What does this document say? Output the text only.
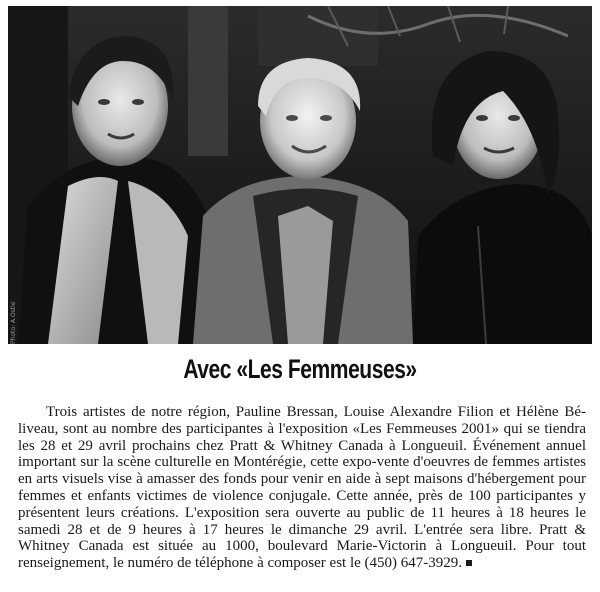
Photo: A.Ostie
Avec «Les Femmeuses»

Trois artistes de notre région, Pauline Bressan, Louise Alexandre Filion et Hélène Béliveau, sont au nombre des participantes à l'exposition «Les Femmeuses 2001» qui se tiendra les 28 et 29 avril prochains chez Pratt & Whitney Canada à Longueuil. Événement annuel important sur la scène culturelle en Montérégie, cette expo-vente d'oeuvres de femmes artistes en arts visuels vise à amasser des fonds pour venir en aide à sept maisons d'hébergement pour femmes et enfants victimes de violence conjugale. Cette année, près de 100 participantes y présentent leurs créations. L'exposition sera ouverte au public de 11 heures à 18 heures le samedi 28 et de 9 heures à 17 heures le dimanche 29 avril. L'entrée sera libre. Pratt & Whitney Canada est située au 1000, boulevard Marie-Victorin à Longueuil. Pour tout renseignement, le numéro de téléphone à composer est le (450) 647-3929.
